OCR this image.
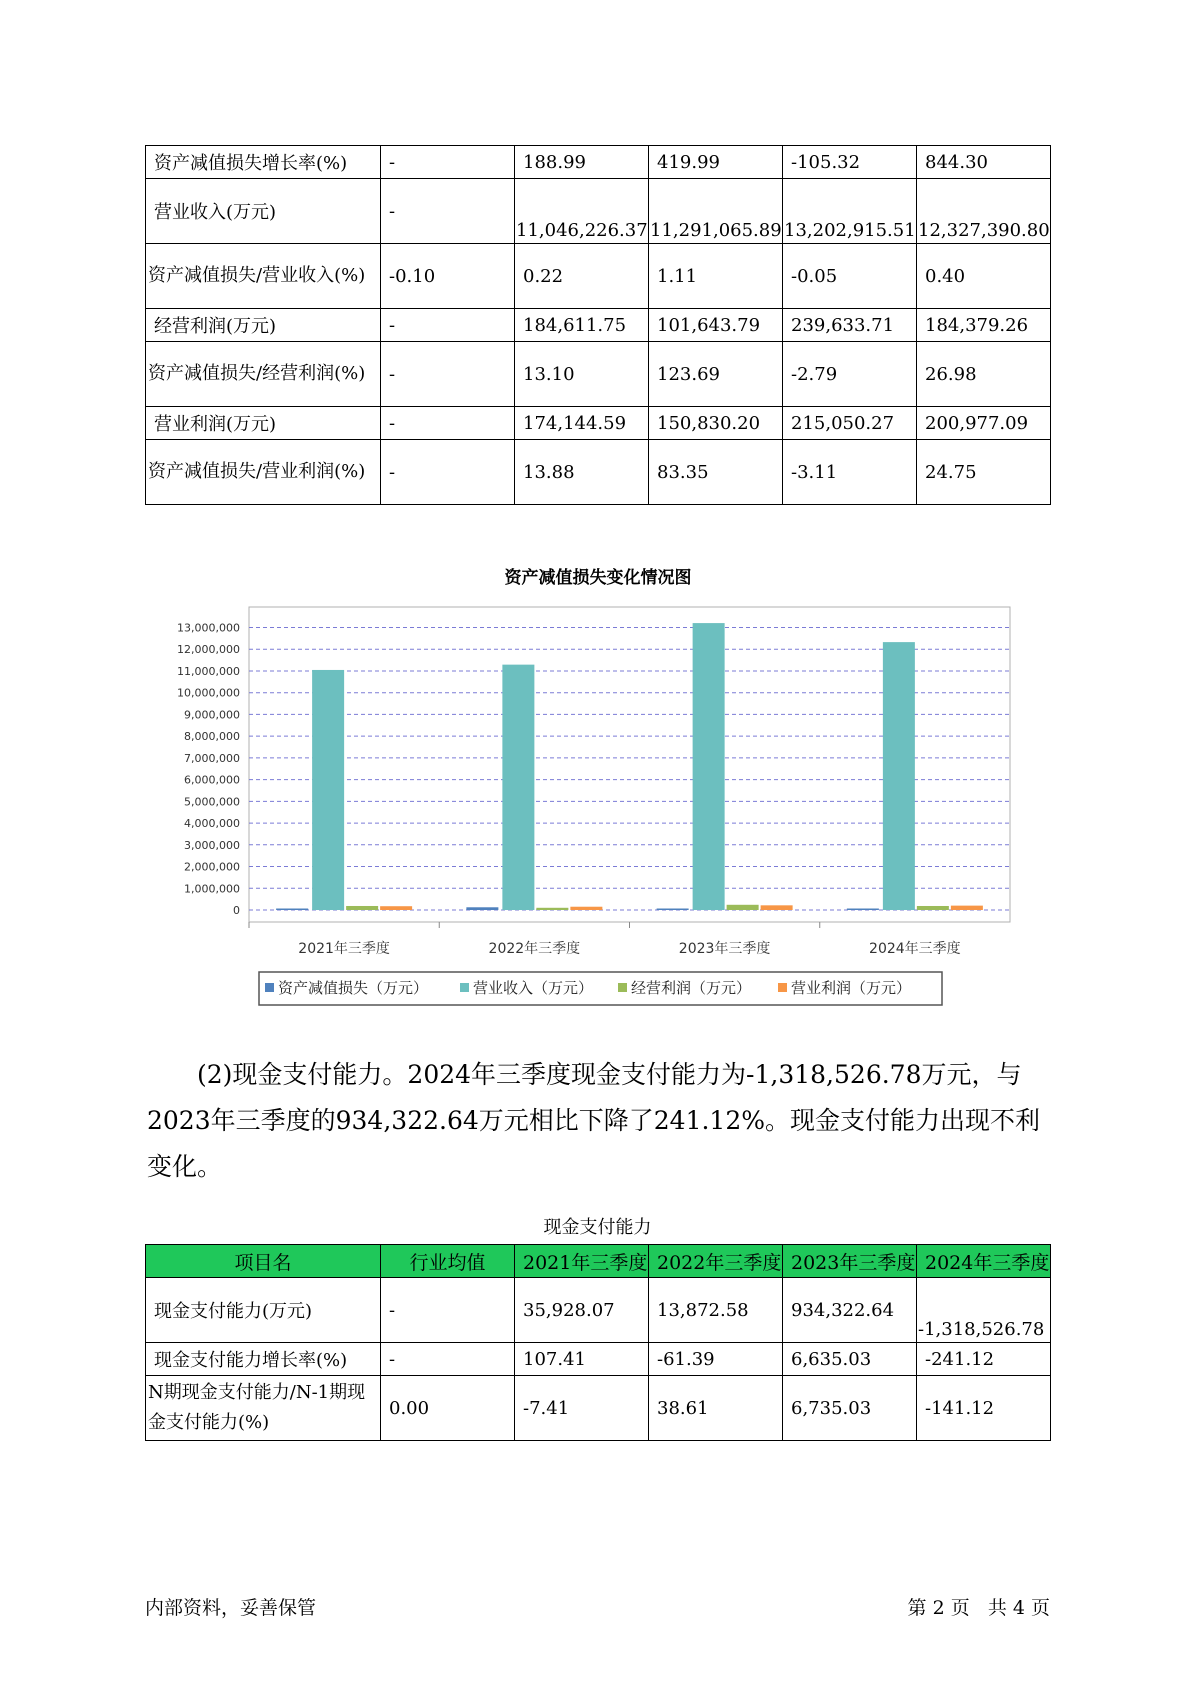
资产减值损失增长率(%)	-	188.99	419.99	-105.32	844.30
营业收入(万元)	-	11,046,226.37	11,291,065.89	13,202,915.51	12,327,390.80
资产减值损失/营业收入(%)	-0.10	0.22	1.11	-0.05	0.40
经营利润(万元)	-	184,611.75	101,643.79	239,633.71	184,379.26
资产减值损失/经营利润(%)	-	13.10	123.69	-2.79	26.98
营业利润(万元)	-	174,144.59	150,830.20	215,050.27	200,977.09
资产减值损失/营业利润(%)	-	13.88	83.35	-3.11	24.75
资产减值损失变化情况图
0
1,000,000
2,000,000
3,000,000
4,000,000
5,000,000
6,000,000
7,000,000
8,000,000
9,000,000
10,000,000
11,000,000
12,000,000
13,000,000
2021年三季度	2022年三季度	2023年三季度	2024年三季度
资产减值损失（万元）	营业收入（万元）	经营利润（万元）	营业利润（万元）

(2)现金支付能力。2024年三季度现金支付能力为-1,318,526.78万元，与2023年三季度的934,322.64万元相比下降了241.12%。现金支付能力出现不利变化。

现金支付能力
项目名	行业均值	2021年三季度	2022年三季度	2023年三季度	2024年三季度
现金支付能力(万元)	-	35,928.07	13,872.58	934,322.64	-1,318,526.78
现金支付能力增长率(%)	-	107.41	-61.39	6,635.03	-241.12
N期现金支付能力/N-1期现金支付能力(%)	0.00	-7.41	38.61	6,735.03	-141.12
内部资料，妥善保管	第 2 页   共 4 页
